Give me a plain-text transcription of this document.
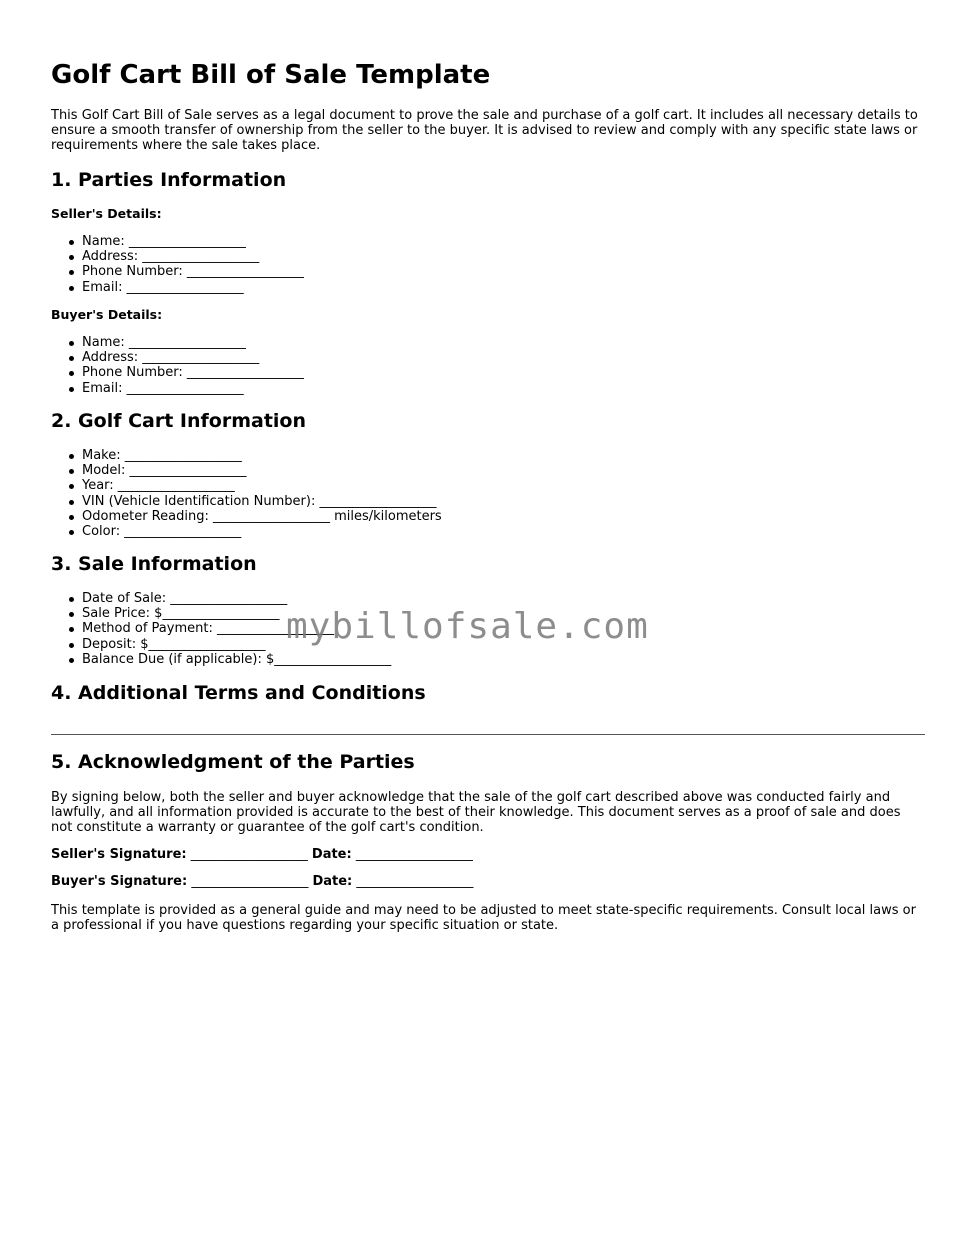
Golf Cart Bill of Sale Template

This Golf Cart Bill of Sale serves as a legal document to prove the sale and purchase of a golf cart. It includes all necessary details to ensure a smooth transfer of ownership from the seller to the buyer. It is advised to review and comply with any specific state laws or requirements where the sale takes place.

1. Parties Information
Seller's Details:
Name: __________________
Address: __________________
Phone Number: __________________
Email: __________________
Buyer's Details:
Name: __________________
Address: __________________
Phone Number: __________________
Email: __________________
2. Golf Cart Information
Make: __________________
Model: __________________
Year: __________________
VIN (Vehicle Identification Number): __________________
Odometer Reading: __________________ miles/kilometers
Color: __________________
3. Sale Information
Date of Sale: __________________
Sale Price: $__________________
Method of Payment: __________________
Deposit: $__________________
Balance Due (if applicable): $__________________
4. Additional Terms and Conditions
5. Acknowledgment of the Parties

By signing below, both the seller and buyer acknowledge that the sale of the golf cart described above was conducted fairly and lawfully, and all information provided is accurate to the best of their knowledge. This document serves as a proof of sale and does not constitute a warranty or guarantee of the golf cart's condition.

Seller's Signature: __________________ Date: __________________
Buyer's Signature: __________________ Date: __________________

This template is provided as a general guide and may need to be adjusted to meet state-specific requirements. Consult local laws or a professional if you have questions regarding your specific situation or state.

mybillofsale.com
